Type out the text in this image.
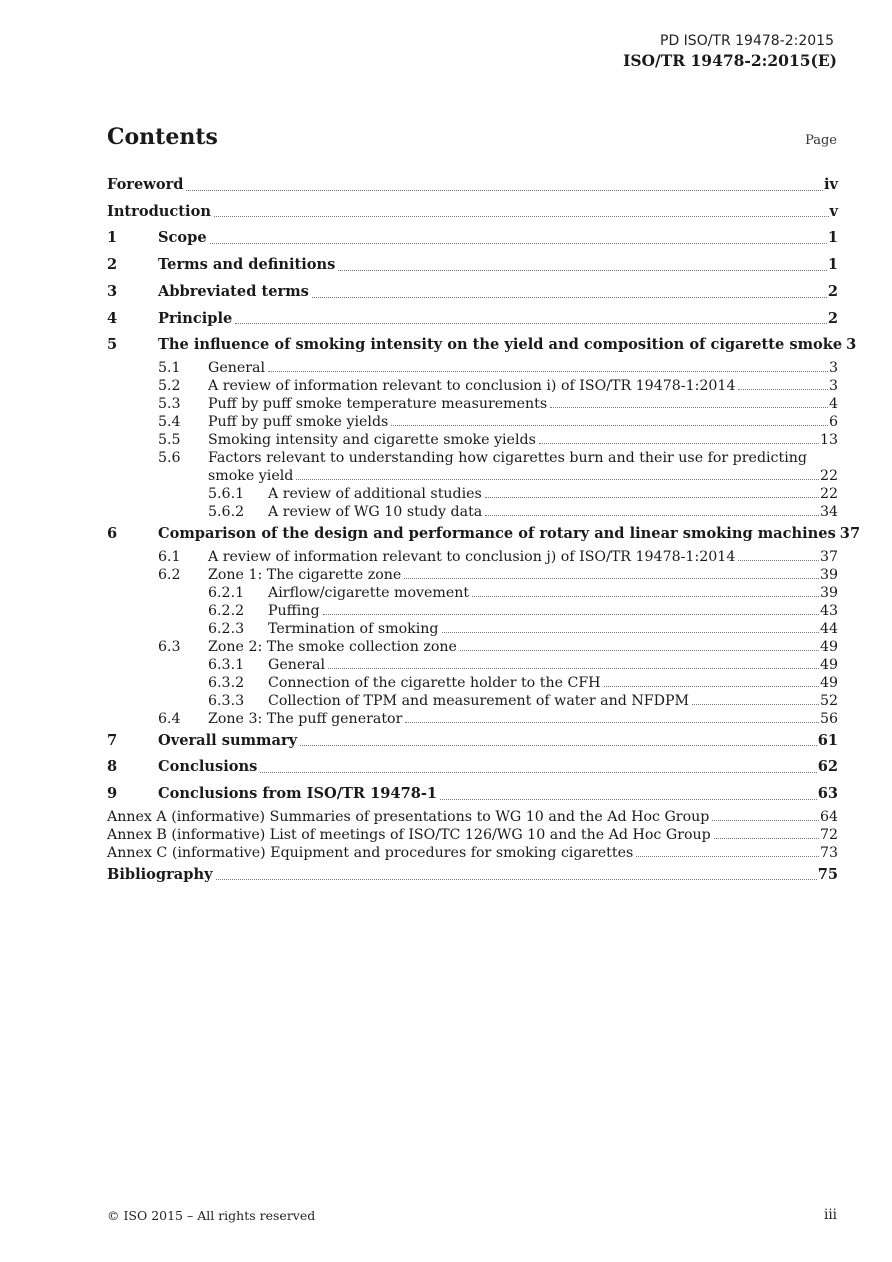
PD ISO/TR 19478-2:2015
ISO/TR 19478-2:2015(E)
Contents	Page
Foreword	iv
Introduction	v
1	Scope	1
2	Terms and definitions	1
3	Abbreviated terms	2
4	Principle	2
5	The influence of smoking intensity on the yield and composition of cigarette smoke 3
5.1 General	3
5.2 A review of information relevant to conclusion i) of ISO/TR 19478-1:2014	3
5.3 Puff by puff smoke temperature measurements	4
5.4 Puff by puff smoke yields	6
5.5 Smoking intensity and cigarette smoke yields	13
5.6 Factors relevant to understanding how cigarettes burn and their use for predicting
smoke yield	22
5.6.1 A review of additional studies	22
5.6.2 A review of WG 10 study data	34
6	Comparison of the design and performance of rotary and linear smoking machines 37
6.1 A review of information relevant to conclusion j) of ISO/TR 19478-1:2014	37
6.2 Zone 1: The cigarette zone	39
6.2.1 Airflow/cigarette movement	39
6.2.2 Puffing	43
6.2.3 Termination of smoking	44
6.3 Zone 2: The smoke collection zone	49
6.3.1 General	49
6.3.2 Connection of the cigarette holder to the CFH	49
6.3.3 Collection of TPM and measurement of water and NFDPM	52
6.4 Zone 3: The puff generator	56
7	Overall summary	61
8	Conclusions	62
9	Conclusions from ISO/TR 19478-1	63
Annex A
(informative)
Summaries of presentations to WG 10 and the Ad Hoc Group	64
Annex B
(informative)
List of meetings of ISO/TC 126/WG 10 and the Ad Hoc Group	72
Annex C
(informative)
Equipment and procedures for smoking cigarettes	73
Bibliography	75
© ISO 2015 – All rights reserved	iii
